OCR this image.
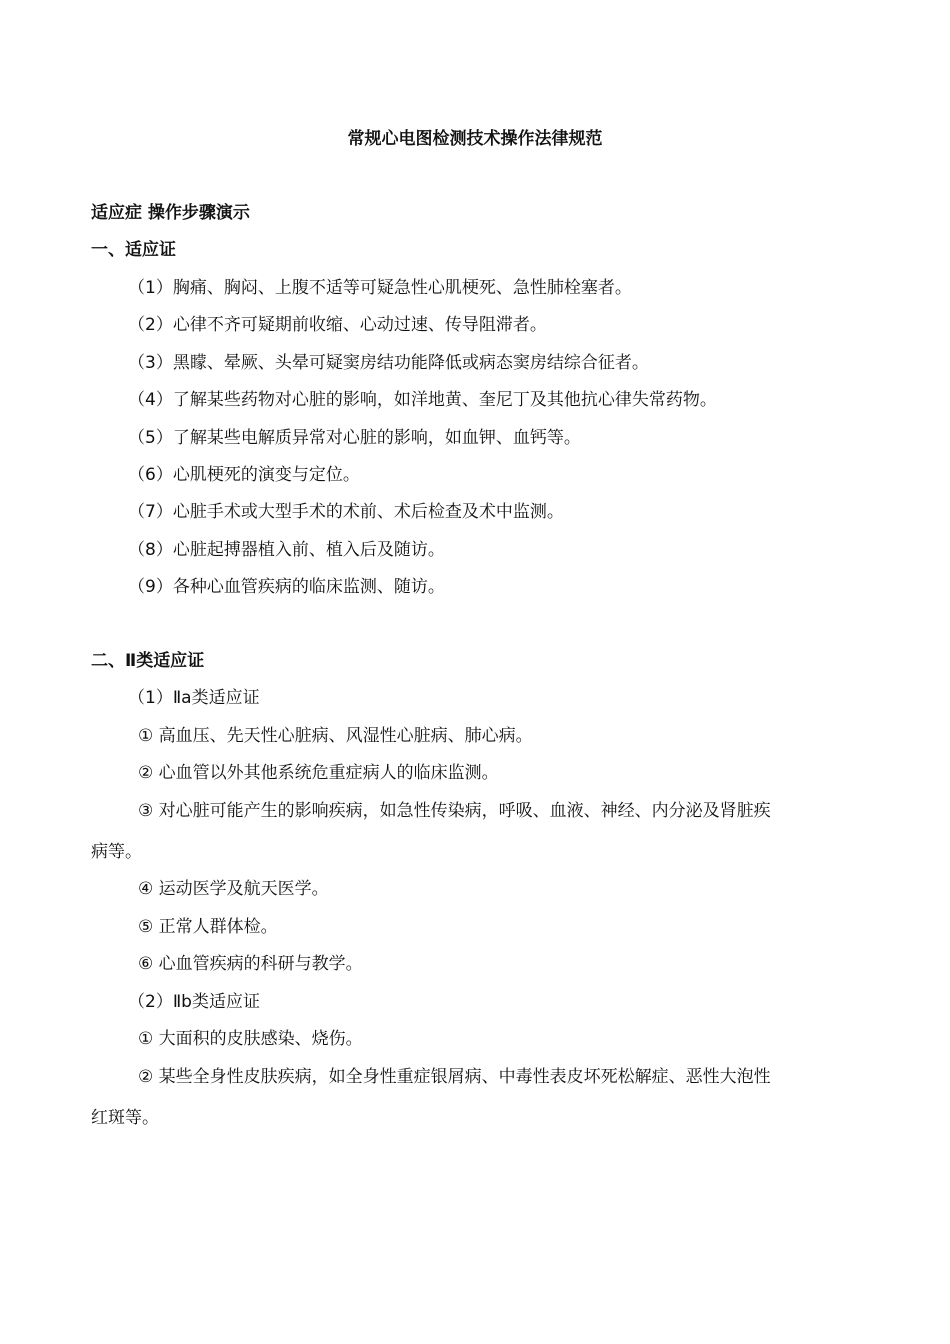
常规心电图检测技术操作法律规范
适应症 操作步骤演示
一、适应证
（1）胸痛、胸闷、上腹不适等可疑急性心肌梗死、急性肺栓塞者。
（2）心律不齐可疑期前收缩、心动过速、传导阻滞者。
（3）黑矇、晕厥、头晕可疑窦房结功能降低或病态窦房结综合征者。
（4）了解某些药物对心脏的影响，如洋地黄、奎尼丁及其他抗心律失常药物。
（5）了解某些电解质异常对心脏的影响，如血钾、血钙等。
（6）心肌梗死的演变与定位。
（7）心脏手术或大型手术的术前、术后检查及术中监测。
（8）心脏起搏器植入前、植入后及随访。
（9）各种心血管疾病的临床监测、随访。
二、Ⅱ类适应证
（1）Ⅱa类适应证
① 高血压、先天性心脏病、风湿性心脏病、肺心病。
② 心血管以外其他系统危重症病人的临床监测。
③ 对心脏可能产生的影响疾病，如急性传染病，呼吸、血液、神经、内分泌及肾脏疾
病等。
④ 运动医学及航天医学。
⑤ 正常人群体检。
⑥ 心血管疾病的科研与教学。
（2）Ⅱb类适应证
① 大面积的皮肤感染、烧伤。
② 某些全身性皮肤疾病，如全身性重症银屑病、中毒性表皮坏死松解症、恶性大泡性
红斑等。
